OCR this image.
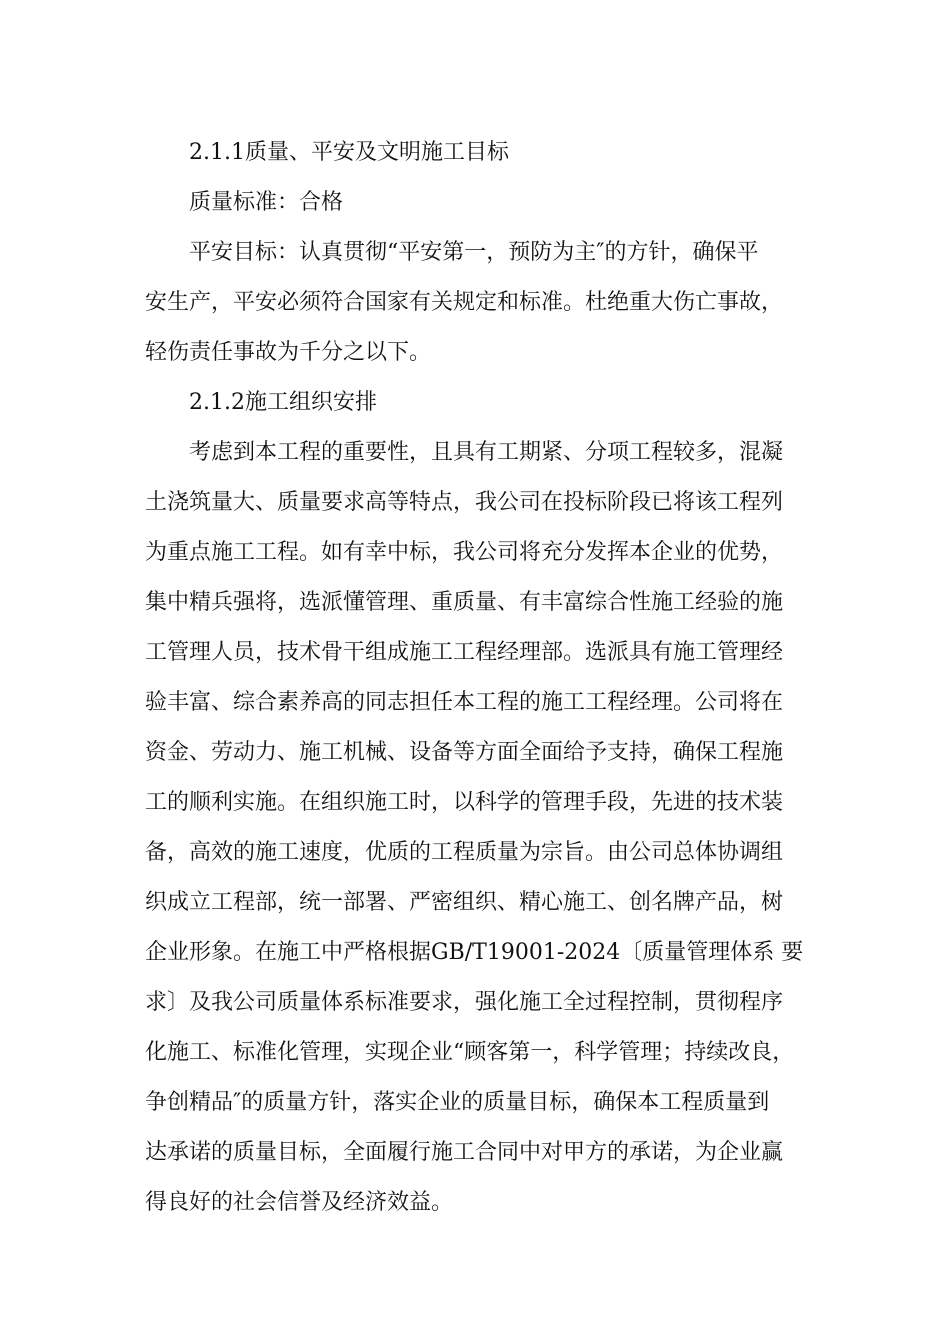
2.1.1质量、平安及文明施工目标
质量标准：合格
平安目标：认真贯彻“平安第一，预防为主″的方针，确保平
安生产，平安必须符合国家有关规定和标准。杜绝重大伤亡事故，
轻伤责任事故为千分之以下。
2.1.2施工组织安排
考虑到本工程的重要性，且具有工期紧、分项工程较多，混凝
土浇筑量大、质量要求高等特点，我公司在投标阶段已将该工程列
为重点施工工程。如有幸中标，我公司将充分发挥本企业的优势，
集中精兵强将，选派懂管理、重质量、有丰富综合性施工经验的施
工管理人员，技术骨干组成施工工程经理部。选派具有施工管理经
验丰富、综合素养高的同志担任本工程的施工工程经理。公司将在
资金、劳动力、施工机械、设备等方面全面给予支持，确保工程施
工的顺利实施。在组织施工时，以科学的管理手段，先进的技术装
备，高效的施工速度，优质的工程质量为宗旨。由公司总体协调组
织成立工程部，统一部署、严密组织、精心施工、创名牌产品，树
企业形象。在施工中严格根据GB/T19001-2024〔质量管理体系 要
求〕及我公司质量体系标准要求，强化施工全过程控制，贯彻程序
化施工、标准化管理，实现企业“顾客第一，科学管理；持续改良，
争创精品″的质量方针，落实企业的质量目标，确保本工程质量到
达承诺的质量目标，全面履行施工合同中对甲方的承诺，为企业赢
得良好的社会信誉及经济效益。
